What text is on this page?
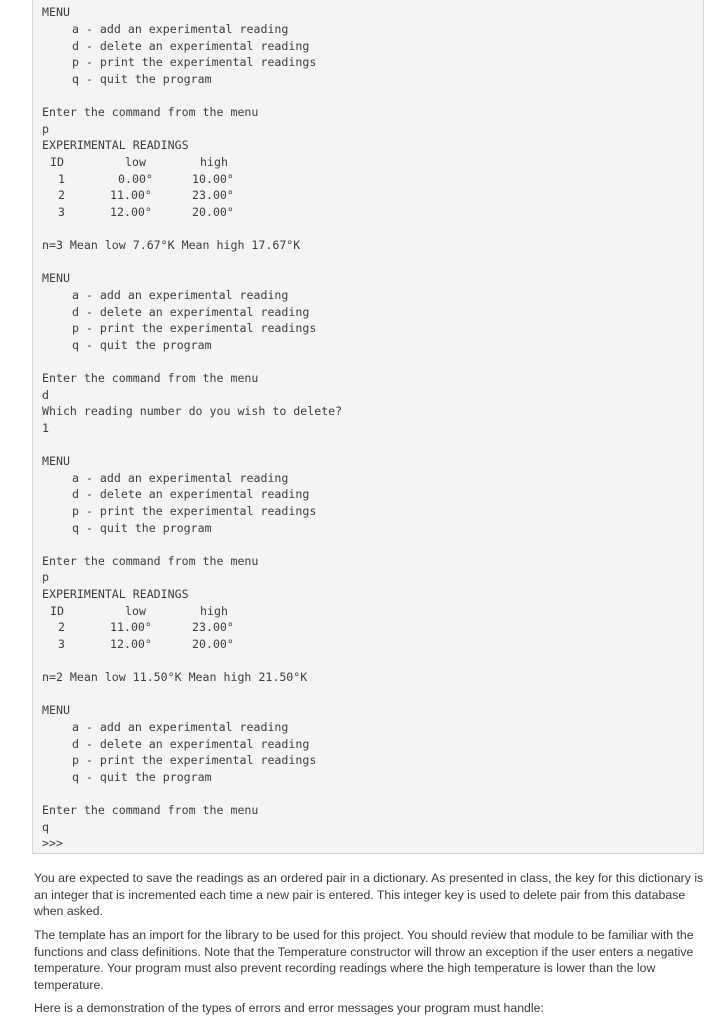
MENU
a - add an experimental reading
d - delete an experimental reading
p - print the experimental readings
q - quit the program
Enter the command from the menu
p
EXPERIMENTAL READINGS
ID	low	high
1	0.00°	10.00°
2	11.00°	23.00°
3	12.00°	20.00°
n=3 Mean low 7.67°K Mean high 17.67°K
MENU
a - add an experimental reading
d - delete an experimental reading
p - print the experimental readings
q - quit the program
Enter the command from the menu
d
Which reading number do you wish to delete?
1
MENU
a - add an experimental reading
d - delete an experimental reading
p - print the experimental readings
q - quit the program
Enter the command from the menu
p
EXPERIMENTAL READINGS
ID	low	high
2	11.00°	23.00°
3	12.00°	20.00°
n=2 Mean low 11.50°K Mean high 21.50°K
MENU
a - add an experimental reading
d - delete an experimental reading
p - print the experimental readings
q - quit the program
Enter the command from the menu
q
>>>

You are expected to save the readings as an ordered pair in a dictionary. As presented in class, the key for this dictionary is an integer that is incremented each time a new pair is entered. This integer key is used to delete pair from this database when asked.

The template has an import for the library to be used for this project. You should review that module to be familiar with the functions and class definitions. Note that the Temperature constructor will throw an exception if the user enters a negative temperature. Your program must also prevent recording readings where the high temperature is lower than the low temperature.

Here is a demonstration of the types of errors and error messages your program must handle:
